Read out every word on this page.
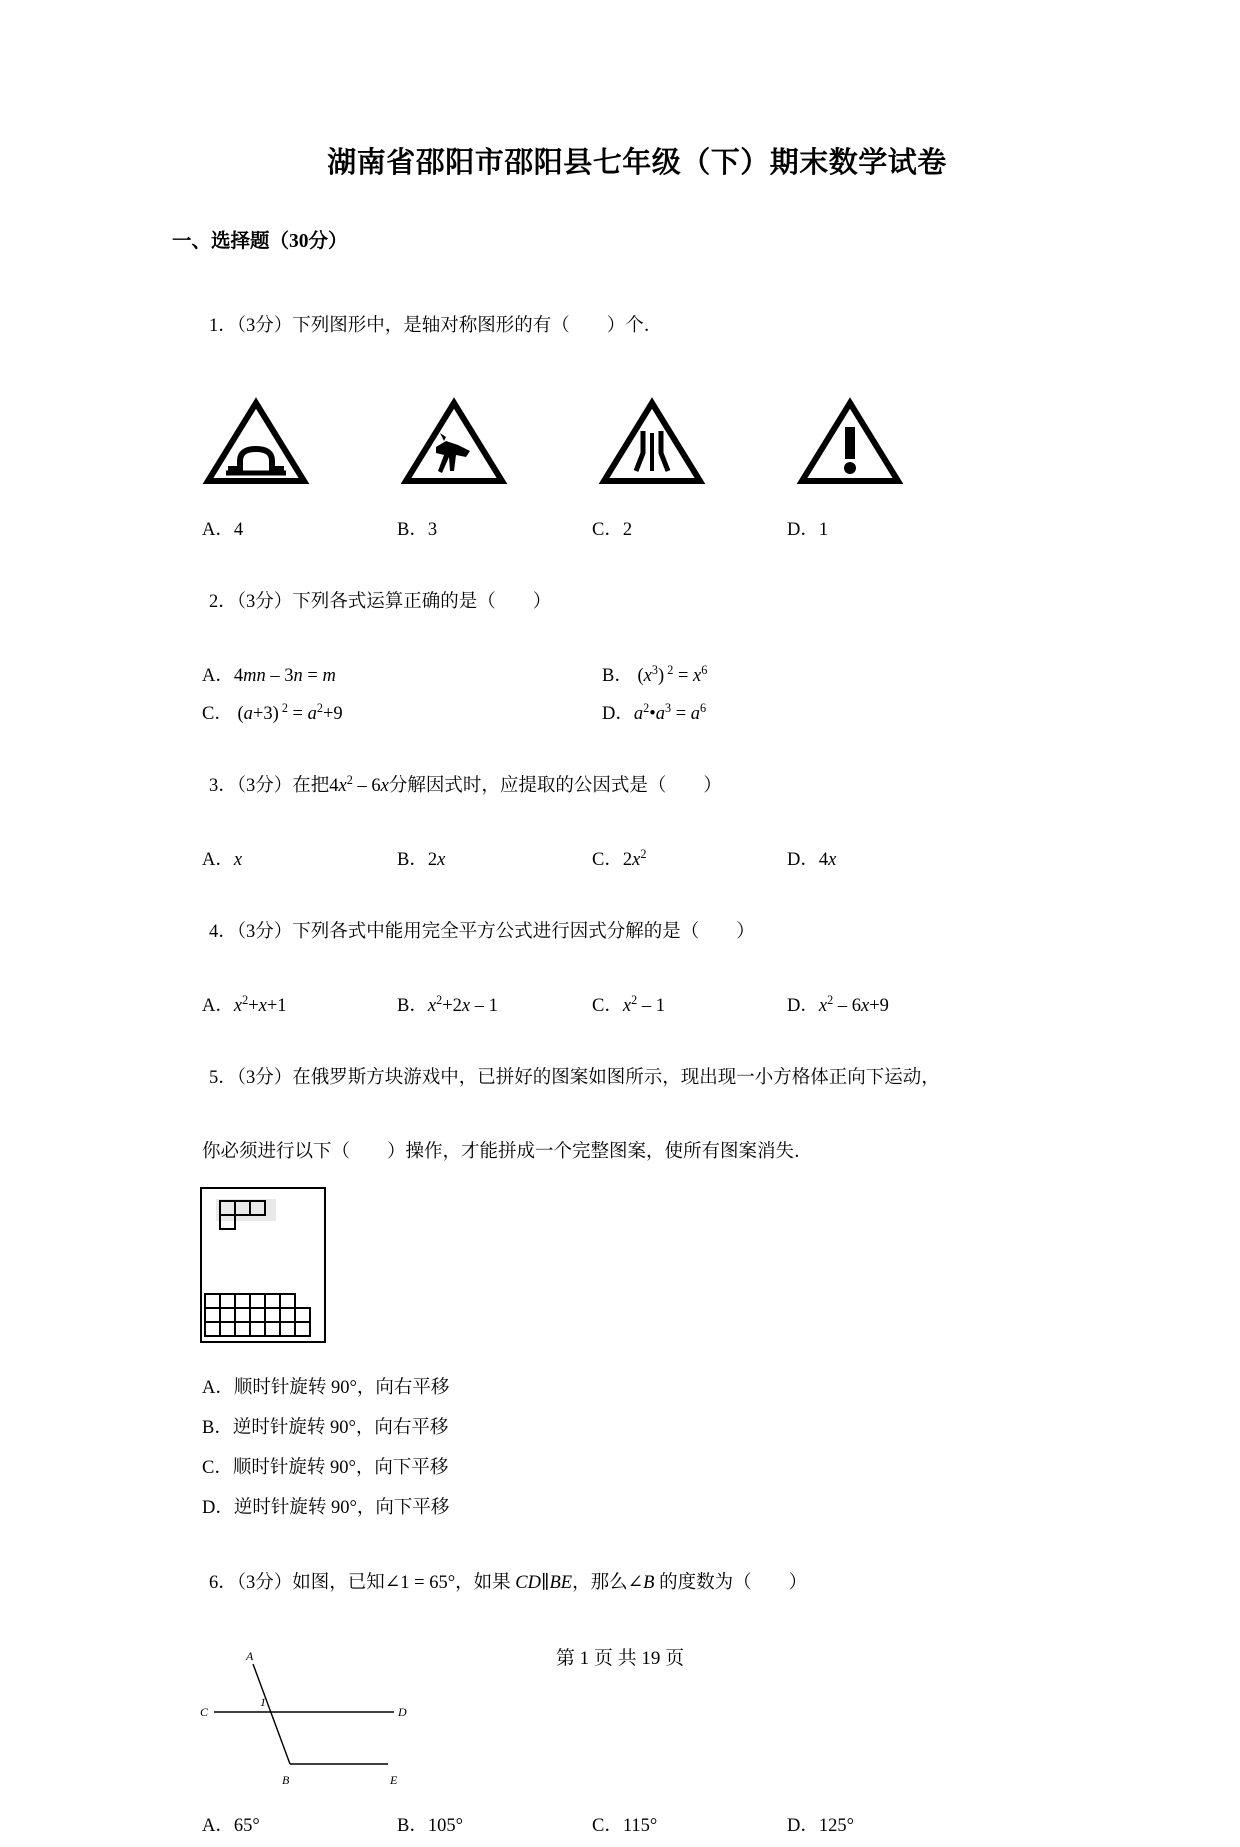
湖南省邵阳市邵阳县七年级（下）期末数学试卷
一、选择题（30分）

1．（3分）下列图形中，是轴对称图形的有（　　）个．

A．4	B．3	C．2	D．1

2．（3分）下列各式运算正确的是（　　）

A．4mn – 3n = m	B． $(x^3) ^2 = x^6$
C． (a+3) $^2 = a^2+9$	D．$a^2•a^3 = a^6$

3．（3分）在把$4x^2 - 6x$分解因式时，应提取的公因式是（　　）

A．x	B．2x	C．$2x^2$	D．4x

4．（3分）下列各式中能用完全平方公式进行因式分解的是（　　）

A．$x^2+x+1$	B．$x^2+2x - 1$	C．$x^2 - 1$	D．$x^2 - 6x+9$

5．（3分）在俄罗斯方块游戏中，已拼好的图案如图所示，现出现一小方格体正向下运动，

你必须进行以下（　　）操作，才能拼成一个完整图案，使所有图案消失．
A．顺时针旋转 90°，向右平移
B．逆时针旋转 90°，向右平移
C．顺时针旋转 90°，向下平移
D．逆时针旋转 90°，向下平移

6．（3分）如图，已知∠1 = 65°，如果 CD∥BE，那么∠B 的度数为（　　）

A
C
1
D
B	E
A．65°	B．105°	C．115°	D．125°
第 1 页 共 19 页
